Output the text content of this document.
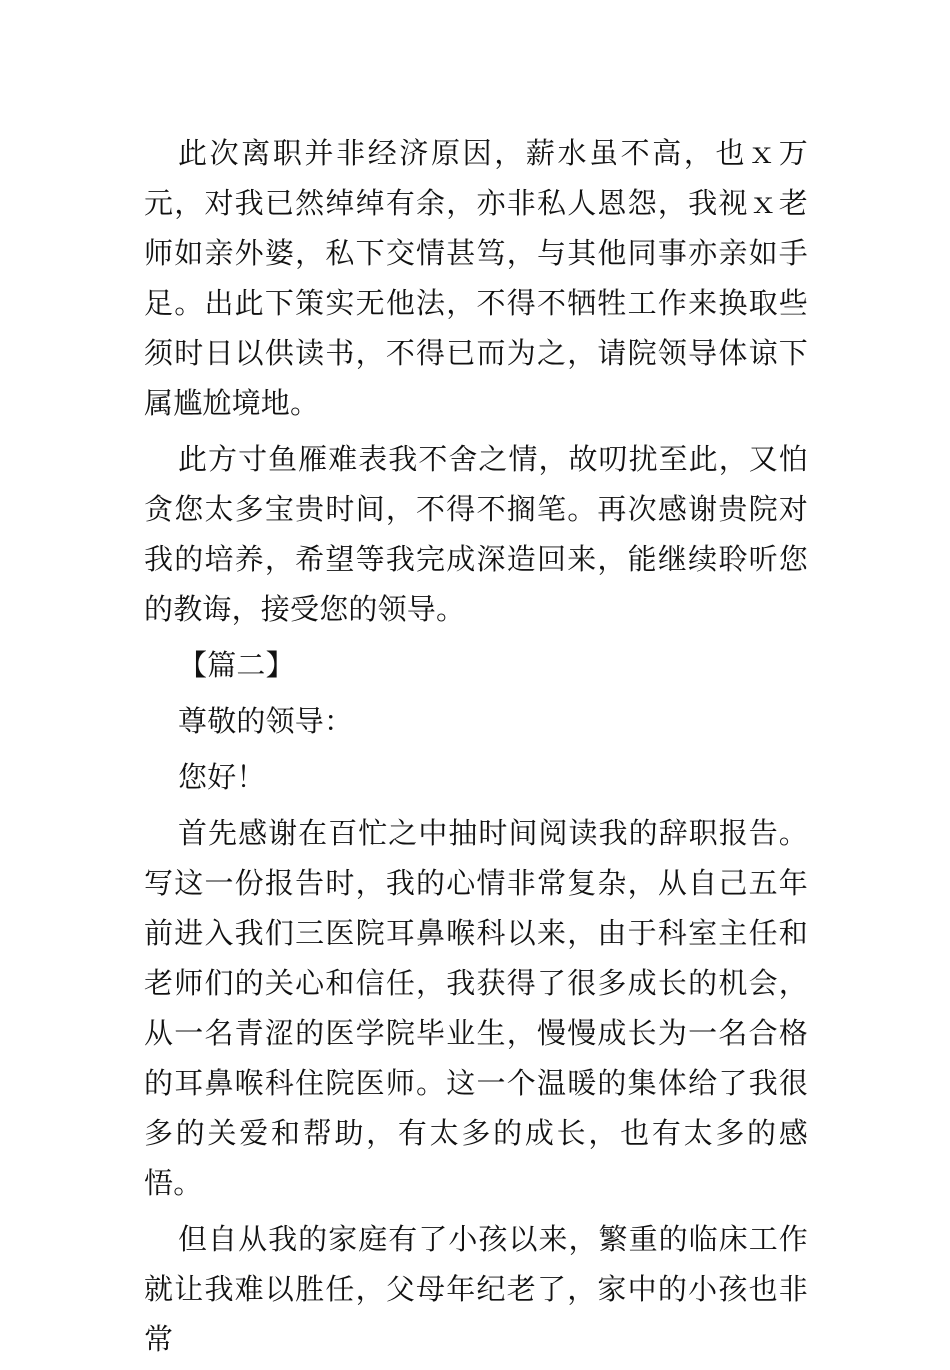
此次离职并非经济原因，薪水虽不高，也ｘ万元，对我已然绰绰有余，亦非私人恩怨，我视ｘ老师如亲外婆，私下交情甚笃，与其他同事亦亲如手足。出此下策实无他法，不得不牺牲工作来换取些须时日以供读书，不得已而为之，请院领导体谅下属尴尬境地。

此方寸鱼雁难表我不舍之情，故叨扰至此，又怕贪您太多宝贵时间，不得不搁笔。再次感谢贵院对我的培养，希望等我完成深造回来，能继续聆听您的教诲，接受您的领导。

【篇二】

尊敬的领导：

您好！

首先感谢在百忙之中抽时间阅读我的辞职报告。写这一份报告时，我的心情非常复杂，从自己五年前进入我们三医院耳鼻喉科以来，由于科室主任和老师们的关心和信任，我获得了很多成长的机会，从一名青涩的医学院毕业生，慢慢成长为一名合格的耳鼻喉科住院医师。这一个温暖的集体给了我很多的关爱和帮助，有太多的成长，也有太多的感悟。

但自从我的家庭有了小孩以来，繁重的临床工作就让我难以胜任，父母年纪老了，家中的小孩也非常
